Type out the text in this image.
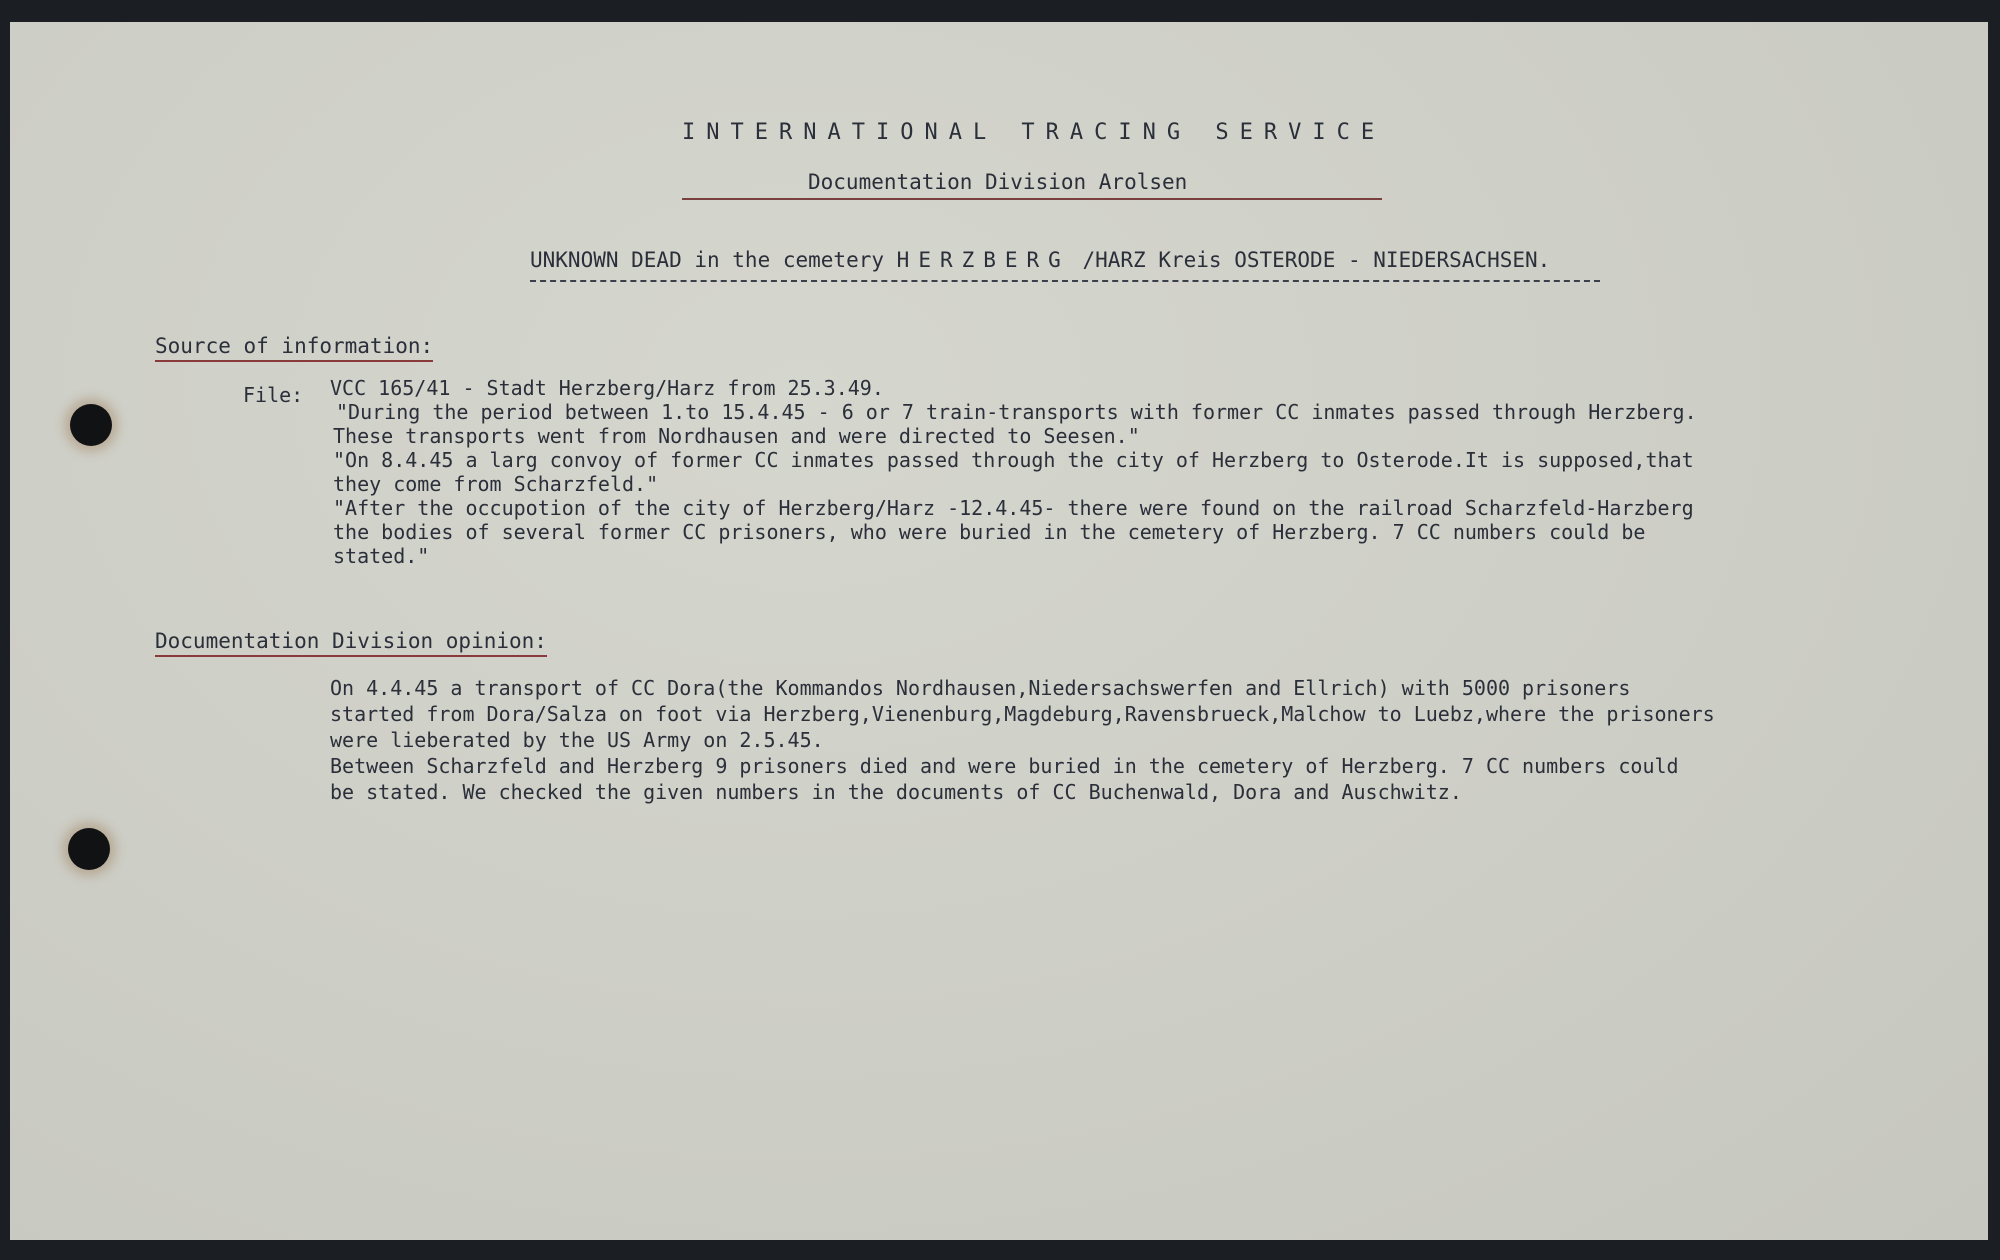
INTERNATIONAL TRACING SERVICE
Documentation Division Arolsen
UNKNOWN DEAD in the cemetery HERZBERG /HARZ Kreis OSTERODE - NIEDERSACHSEN.
Source of information:
File: VCC 165/41 - Stadt Herzberg/Harz from 25.3.49.
"During the period between 1.to 15.4.45 - 6 or 7 train-transports with former CC inmates passed through Herzberg.
These transports went from Nordhausen and were directed to Seesen."
"On 8.4.45 a larg convoy of former CC inmates passed through the city of Herzberg to Osterode.It is supposed,that
they come from Scharzfeld."
"After the occupotion of the city of Herzberg/Harz -12.4.45- there were found on the railroad Scharzfeld-Harzberg
the bodies of several former CC prisoners, who were buried in the cemetery of Herzberg. 7 CC numbers could be
stated."
Documentation Division opinion:
On 4.4.45 a transport of CC Dora(the Kommandos Nordhausen,Niedersachswerfen and Ellrich) with 5000 prisoners
started from Dora/Salza on foot via Herzberg,Vienenburg,Magdeburg,Ravensbrueck,Malchow to Luebz,where the prisoners
were lieberated by the US Army on 2.5.45.
Between Scharzfeld and Herzberg 9 prisoners died and were buried in the cemetery of Herzberg. 7 CC numbers could
be stated. We checked the given numbers in the documents of CC Buchenwald, Dora and Auschwitz.
